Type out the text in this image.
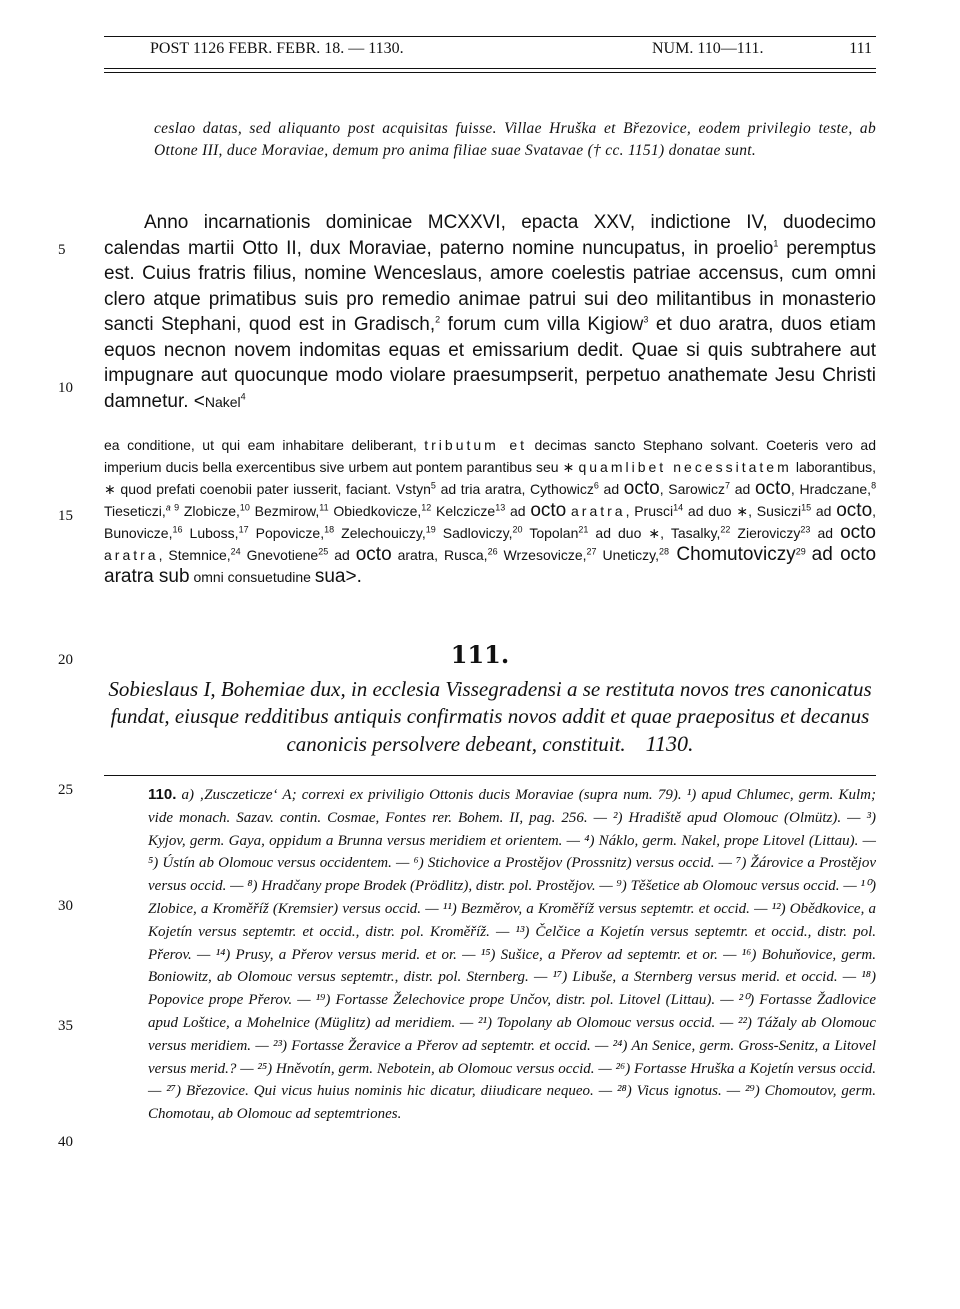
POST 1126 FEBR. FEBR. 18. — 1130.	NUM. 110—111.	111
5
10
15
20
25
30
35
40
ceslao datas, sed aliquanto post acquisitas fuisse. Villae Hruška et Březovice, eodem privilegio teste, ab Ottone III, duce Moraviae, demum pro anima filiae suae Svatavae († cc. 1151) donatae sunt.
Anno incarnationis dominicae MCXXVI, epacta XXV, indictione IV, duodecimo calendas martii Otto II, dux Moraviae, paterno nomine nuncupatus, in proelio$^1$ peremptus est. Cuius fratris filius, nomine Wenceslaus, amore coelestis patriae accensus, cum omni clero atque primatibus suis pro remedio animae patrui sui deo militantibus in monasterio sancti Stephani, quod est in Gradisch,$^2$ forum cum villa Kigiow$^3$ et duo aratra, duos etiam equos necnon novem indomitas equas et emissarium dedit. Quae si quis subtrahere aut impugnare aut quocunque modo violare praesumpserit, perpetuo anathemate Jesu Christi damnetur. <Nakel$^4$
ea conditione, ut qui eam inhabitare deliberant, tributum et decimas sancto Stephano solvant. Coeteris vero ad imperium ducis bella exercentibus sive urbem aut pontem parantibus seu ∗ quamlibet necessitatem laborantibus, ∗ quod prefati coenobii pater iusserit, faciant. Vstyn$^5$ ad tria aratra, Cythowicz$^6$ ad octo, Sarowicz$^7$ ad octo, Hradczane,$^8$ Tieseticzi,$^{a 9}$ Zlobicze,$^{10}$ Bezmirow,$^{11}$ Obiedkovicze,$^{12}$ Kelczicze$^{13}$ ad octo aratra, Prusci$^{14}$ ad duo ∗, Susiczi$^{15}$ ad octo, Bunovicze,$^{16}$ Luboss,$^{17}$ Popovicze,$^{18}$ Zelechouiczy,$^{19}$ Sadloviczy,$^{20}$ Topolan$^{21}$ ad duo ∗, Tasalky,$^{22}$ Zieroviczy$^{23}$ ad octo aratra, Stemnice,$^{24}$ Gnevotiene$^{25}$ ad octo aratra, Rusca,$^{26}$ Wrzesovicze,$^{27}$ Uneticzy,$^{28}$ Chomutoviczy$^{29}$ ad octo aratra sub omni consuetudine sua>.
111.
Sobieslaus I, Bohemiae dux, in ecclesia Vissegradensi a se restituta novos tres canonicatus fundat, eiusque redditibus antiquis confirmatis novos addit et quae praepositus et decanus canonicis persolvere debeant, constituit. 1130.
110. a) ‚Zusczeticze‘ A; correxi ex priviligio Ottonis ducis Moraviae (supra num. 79). ¹) apud Chlumec, germ. Kulm; vide monach. Sazav. contin. Cosmae, Fontes rer. Bohem. II, pag. 256. — ²) Hradiště apud Olomouc (Olmütz). — ³) Kyjov, germ. Gaya, oppidum a Brunna versus meridiem et orientem. — ⁴) Náklo, germ. Nakel, prope Litovel (Littau). — ⁵) Ústín ab Olomouc versus occidentem. — ⁶) Stichovice a Prostějov (Prossnitz) versus occid. — ⁷) Žárovice a Prostějov versus occid. — ⁸) Hradčany prope Brodek (Prödlitz), distr. pol. Prostějov. — ⁹) Těšetice ab Olomouc versus occid. — ¹⁰) Zlobice, a Kroměříž (Kremsier) versus occid. — ¹¹) Bezměrov, a Kroměříž versus septemtr. et occid. — ¹²) Obědkovice, a Kojetín versus septemtr. et occid., distr. pol. Kroměříž. — ¹³) Čelčice a Kojetín versus septemtr. et occid., distr. pol. Přerov. — ¹⁴) Prusy, a Přerov versus merid. et or. — ¹⁵) Sušice, a Přerov ad septemtr. et or. — ¹⁶) Bohuňovice, germ. Boniowitz, ab Olomouc versus septemtr., distr. pol. Sternberg. — ¹⁷) Libuše, a Sternberg versus merid. et occid. — ¹⁸) Popovice prope Přerov. — ¹⁹) Fortasse Želechovice prope Unčov, distr. pol. Litovel (Littau). — ²⁰) Fortasse Žadlovice apud Loštice, a Mohelnice (Müglitz) ad meridiem. — ²¹) Topolany ab Olomouc versus occid. — ²²) Tážaly ab Olomouc versus meridiem. — ²³) Fortasse Žeravice a Přerov ad septemtr. et occid. — ²⁴) An Senice, germ. Gross-Senitz, a Litovel versus merid.? — ²⁵) Hněvotín, germ. Nebotein, ab Olomouc versus occid. — ²⁶) Fortasse Hruška a Kojetín versus occid. — ²⁷) Březovice. Qui vicus huius nominis hic dicatur, diiudicare nequeo. — ²⁸) Vicus ignotus. — ²⁹) Chomoutov, germ. Chomotau, ab Olomouc ad septemtriones.
